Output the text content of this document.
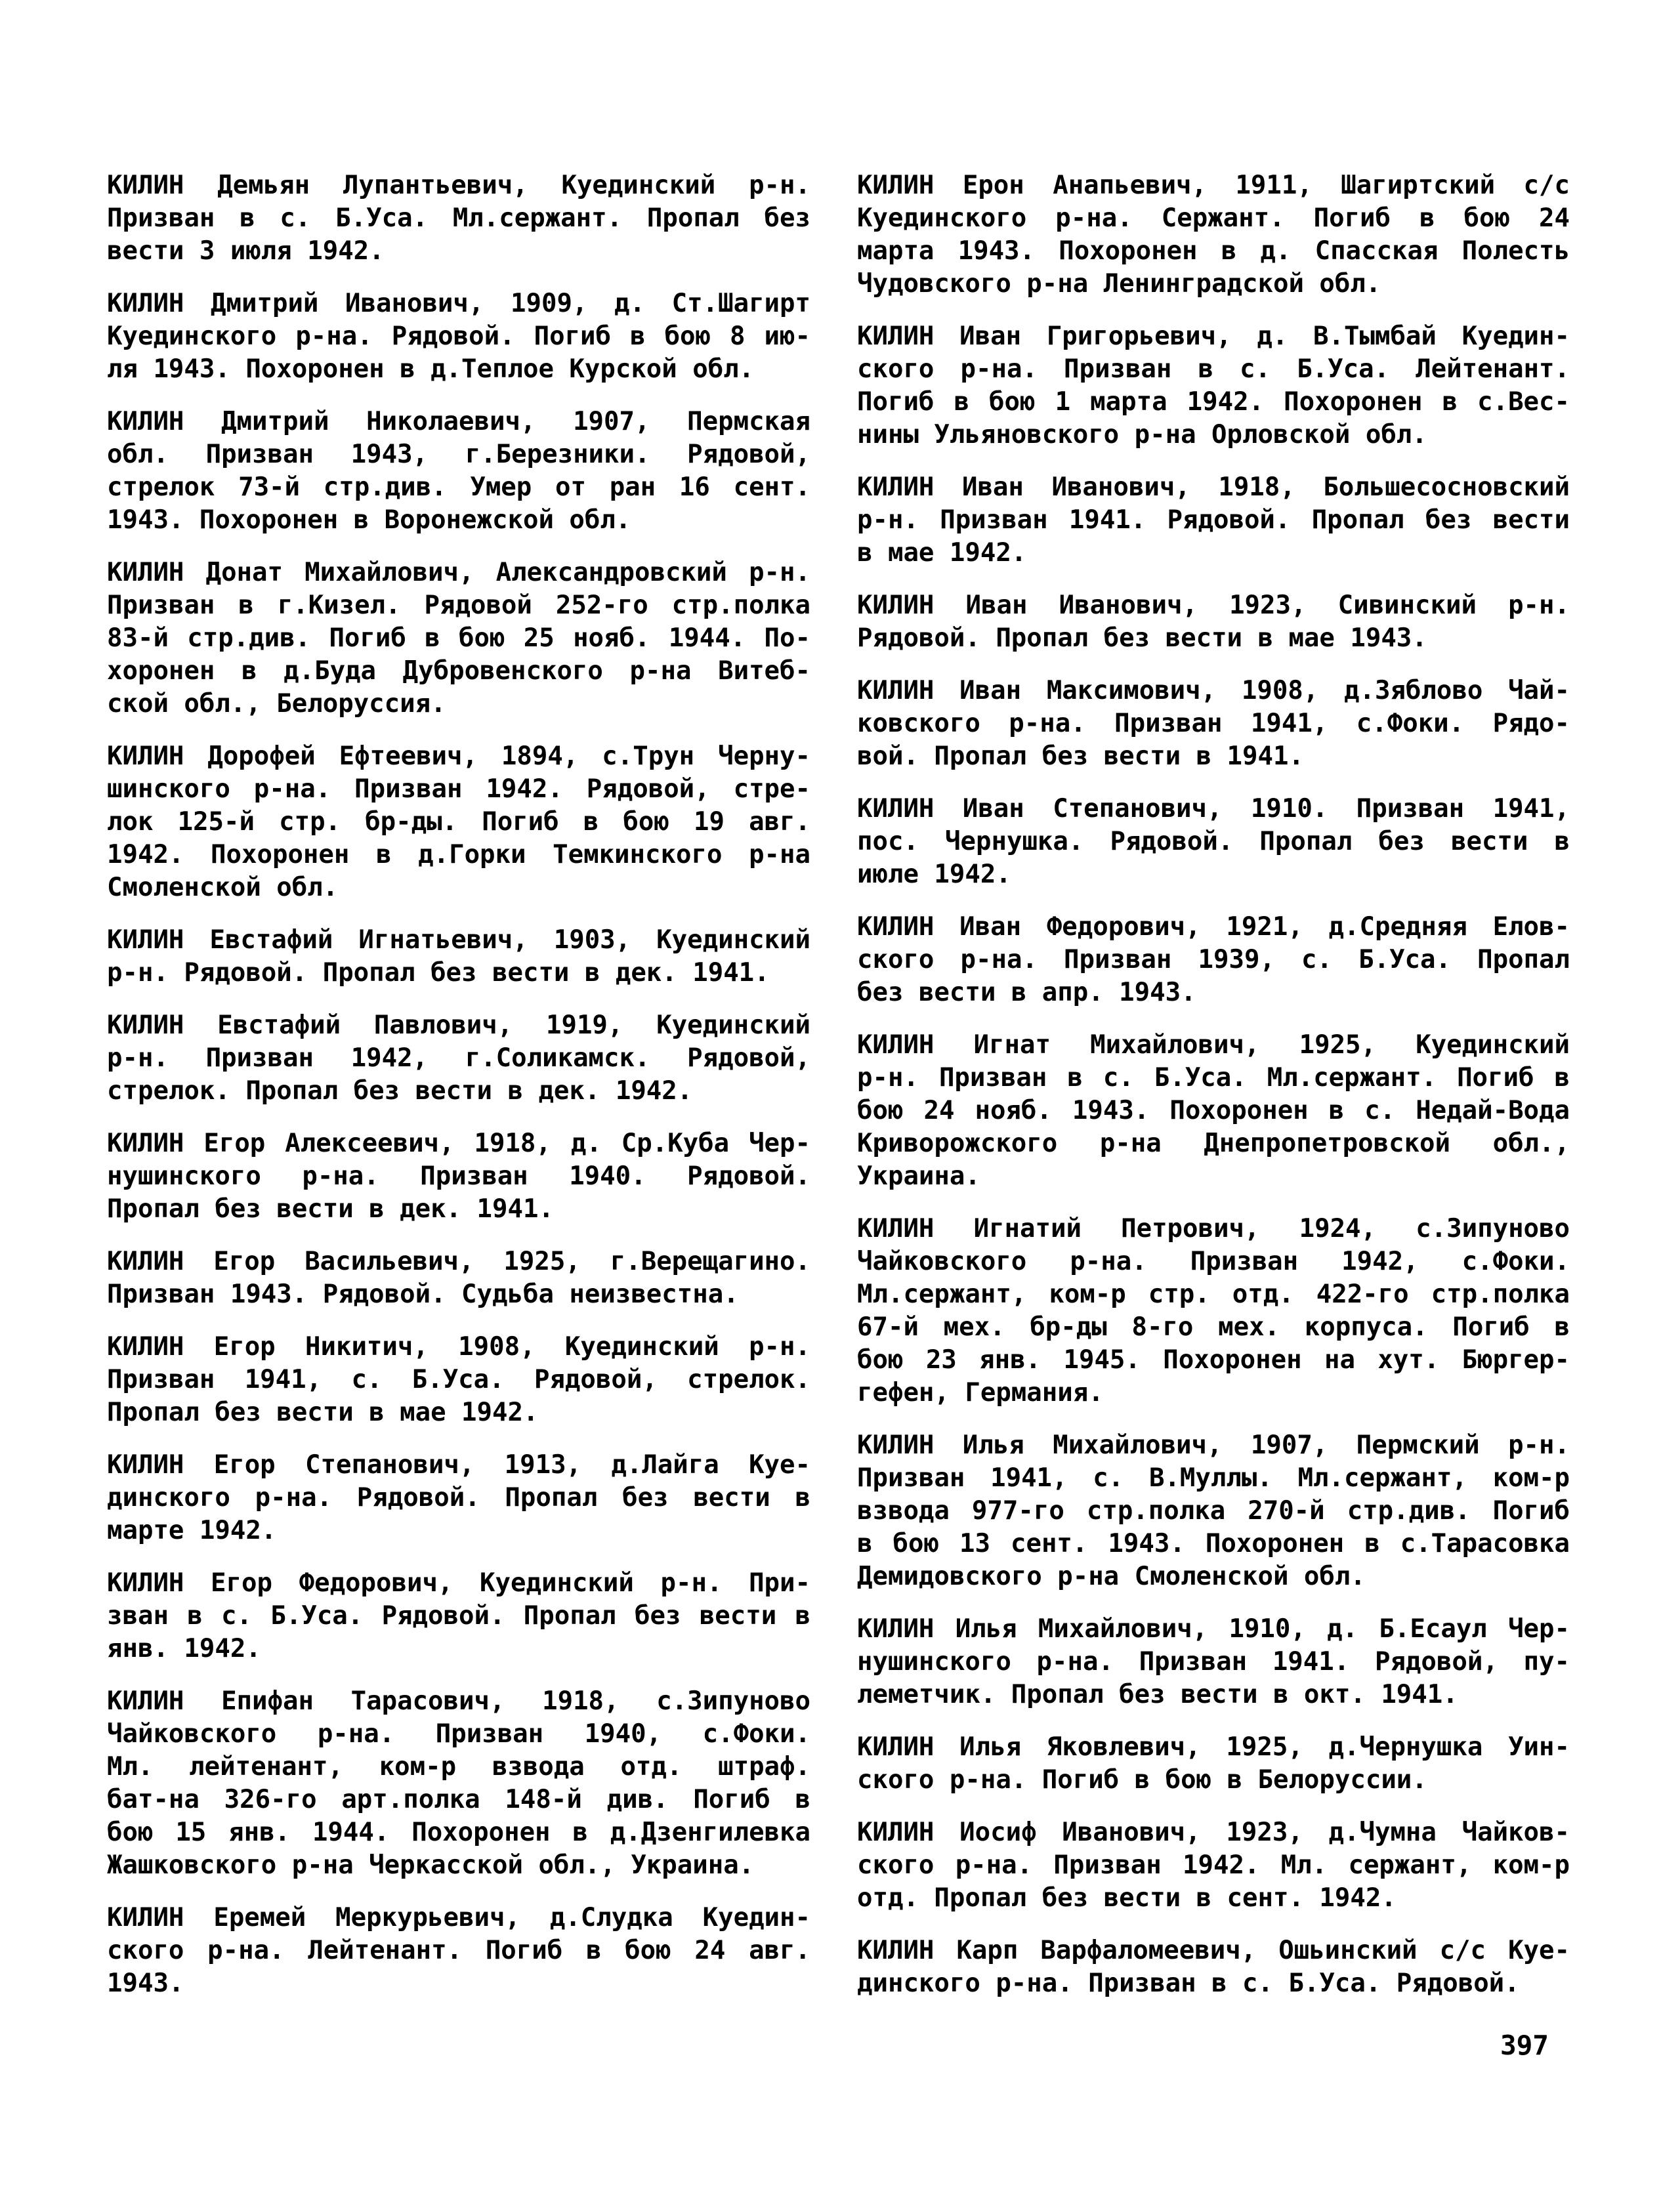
КИЛИН Демьян Лупантьевич, Куединский р-н.
Призван в с. Б.Уса. Мл.сержант. Пропал без
вести 3 июля 1942.

КИЛИН Дмитрий Иванович, 1909, д. Ст.Шагирт
Куединского р-на. Рядовой. Погиб в бою 8 ию-
ля 1943. Похоронен в д.Теплое Курской обл.

КИЛИН Дмитрий Николаевич, 1907, Пермская
обл. Призван 1943, г.Березники. Рядовой,
стрелок 73-й стр.див. Умер от ран 16 сент.
1943. Похоронен в Воронежской обл.

КИЛИН Донат Михайлович, Александровский р-н.
Призван в г.Кизел. Рядовой 252-го стр.полка
83-й стр.див. Погиб в бою 25 нояб. 1944. По-
хоронен в д.Буда Дубровенского р-на Витеб-
ской обл., Белоруссия.

КИЛИН Дорофей Ефтеевич, 1894, с.Трун Черну-
шинского р-на. Призван 1942. Рядовой, стре-
лок 125-й стр. бр-ды. Погиб в бою 19 авг.
1942. Похоронен в д.Горки Темкинского р-на
Смоленской обл.

КИЛИН Евстафий Игнатьевич, 1903, Куединский
р-н. Рядовой. Пропал без вести в дек. 1941.

КИЛИН Евстафий Павлович, 1919, Куединский
р-н. Призван 1942, г.Соликамск. Рядовой,
стрелок. Пропал без вести в дек. 1942.

КИЛИН Егор Алексеевич, 1918, д. Ср.Куба Чер-
нушинского р-на. Призван 1940. Рядовой.
Пропал без вести в дек. 1941.

КИЛИН Егор Васильевич, 1925, г.Верещагино.
Призван 1943. Рядовой. Судьба неизвестна.

КИЛИН Егор Никитич, 1908, Куединский р-н.
Призван 1941, с. Б.Уса. Рядовой, стрелок.
Пропал без вести в мае 1942.

КИЛИН Егор Степанович, 1913, д.Лайга Куе-
динского р-на. Рядовой. Пропал без вести в
марте 1942.

КИЛИН Егор Федорович, Куединский р-н. При-
зван в с. Б.Уса. Рядовой. Пропал без вести в
янв. 1942.

КИЛИН Епифан Тарасович, 1918, с.Зипуново
Чайковского р-на. Призван 1940, с.Фоки.
Мл. лейтенант, ком-р взвода отд. штраф.
бат-на 326-го арт.полка 148-й див. Погиб в
бою 15 янв. 1944. Похоронен в д.Дзенгилевка
Жашковского р-на Черкасской обл., Украина.

КИЛИН Еремей Меркурьевич, д.Слудка Куедин-
ского р-на. Лейтенант. Погиб в бою 24 авг.
1943.

КИЛИН Ерон Анапьевич, 1911, Шагиртский с/с
Куединского р-на. Сержант. Погиб в бою 24
марта 1943. Похоронен в д. Спасская Полесть
Чудовского р-на Ленинградской обл.

КИЛИН Иван Григорьевич, д. В.Тымбай Куедин-
ского р-на. Призван в с. Б.Уса. Лейтенант.
Погиб в бою 1 марта 1942. Похоронен в с.Вес-
нины Ульяновского р-на Орловской обл.

КИЛИН Иван Иванович, 1918, Большесосновский
р-н. Призван 1941. Рядовой. Пропал без вести
в мае 1942.

КИЛИН Иван Иванович, 1923, Сивинский р-н.
Рядовой. Пропал без вести в мае 1943.

КИЛИН Иван Максимович, 1908, д.Зяблово Чай-
ковского р-на. Призван 1941, с.Фоки. Рядо-
вой. Пропал без вести в 1941.

КИЛИН Иван Степанович, 1910. Призван 1941,
пос. Чернушка. Рядовой. Пропал без вести в
июле 1942.

КИЛИН Иван Федорович, 1921, д.Средняя Елов-
ского р-на. Призван 1939, с. Б.Уса. Пропал
без вести в апр. 1943.

КИЛИН Игнат Михайлович, 1925, Куединский
р-н. Призван в с. Б.Уса. Мл.сержант. Погиб в
бою 24 нояб. 1943. Похоронен в с. Недай-Вода
Криворожского р-на Днепропетровской обл.,
Украина.

КИЛИН Игнатий Петрович, 1924, с.Зипуново
Чайковского р-на. Призван 1942, с.Фоки.
Мл.сержант, ком-р стр. отд. 422-го стр.полка
67-й мех. бр-ды 8-го мех. корпуса. Погиб в
бою 23 янв. 1945. Похоронен на хут. Бюргер-
гефен, Германия.

КИЛИН Илья Михайлович, 1907, Пермский р-н.
Призван 1941, с. В.Муллы. Мл.сержант, ком-р
взвода 977-го стр.полка 270-й стр.див. Погиб
в бою 13 сент. 1943. Похоронен в с.Тарасовка
Демидовского р-на Смоленской обл.

КИЛИН Илья Михайлович, 1910, д. Б.Есаул Чер-
нушинского р-на. Призван 1941. Рядовой, пу-
леметчик. Пропал без вести в окт. 1941.

КИЛИН Илья Яковлевич, 1925, д.Чернушка Уин-
ского р-на. Погиб в бою в Белоруссии.

КИЛИН Иосиф Иванович, 1923, д.Чумна Чайков-
ского р-на. Призван 1942. Мл. сержант, ком-р
отд. Пропал без вести в сент. 1942.

КИЛИН Карп Варфаломеевич, Ошьинский с/с Куе-
динского р-на. Призван в с. Б.Уса. Рядовой.

397
